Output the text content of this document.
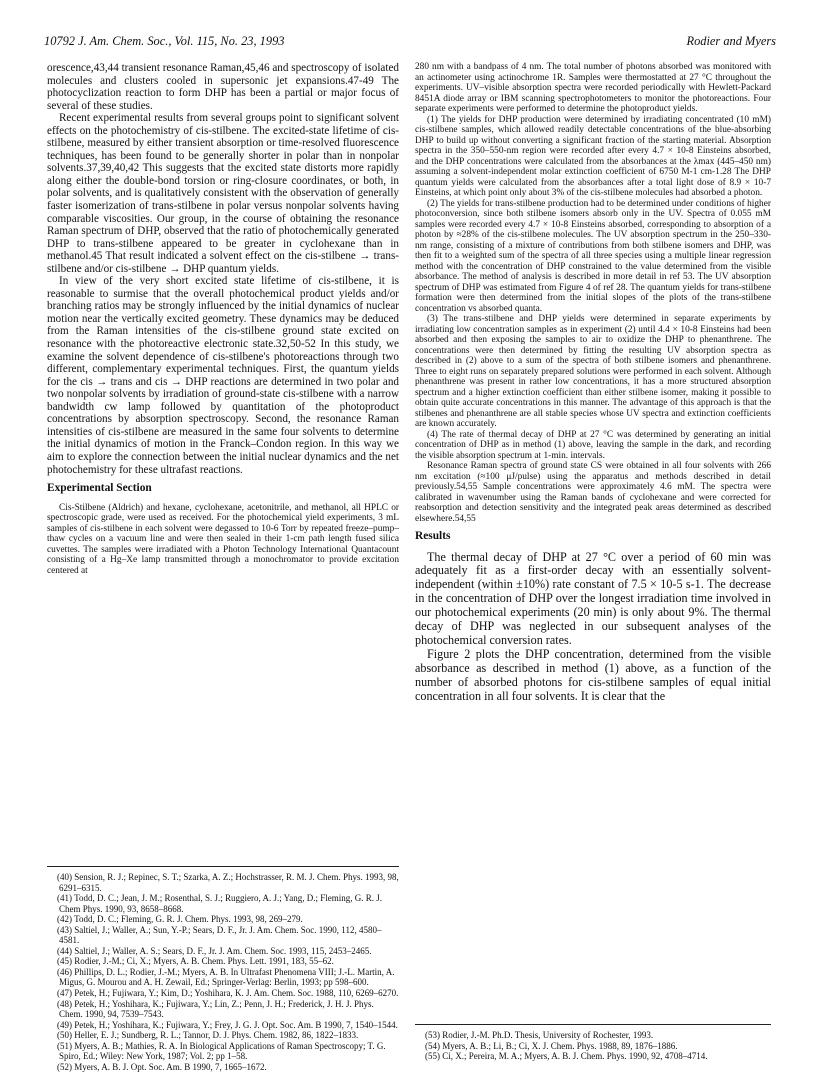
10792 J. Am. Chem. Soc., Vol. 115, No. 23, 1993	Rodier and Myers

orescence,43,44 transient resonance Raman,45,46 and spectroscopy of isolated molecules and clusters cooled in supersonic jet expansions.47-49 The photocyclization reaction to form DHP has been a partial or major focus of several of these studies.

Recent experimental results from several groups point to significant solvent effects on the photochemistry of cis-stilbene. The excited-state lifetime of cis-stilbene, measured by either transient absorption or time-resolved fluorescence techniques, has been found to be generally shorter in polar than in nonpolar solvents.37,39,40,42 This suggests that the excited state distorts more rapidly along either the double-bond torsion or ring-closure coordinates, or both, in polar solvents, and is qualitatively consistent with the observation of generally faster isomerization of trans-stilbene in polar versus nonpolar solvents having comparable viscosities. Our group, in the course of obtaining the resonance Raman spectrum of DHP, observed that the ratio of photochemically generated DHP to trans-stilbene appeared to be greater in cyclohexane than in methanol.45 That result indicated a solvent effect on the cis-stilbene → trans-stilbene and/or cis-stilbene → DHP quantum yields.

In view of the very short excited state lifetime of cis-stilbene, it is reasonable to surmise that the overall photochemical product yields and/or branching ratios may be strongly influenced by the initial dynamics of nuclear motion near the vertically excited geometry. These dynamics may be deduced from the Raman intensities of the cis-stilbene ground state excited on resonance with the photoreactive electronic state.32,50-52 In this study, we examine the solvent dependence of cis-stilbene's photoreactions through two different, complementary experimental techniques. First, the quantum yields for the cis → trans and cis → DHP reactions are determined in two polar and two nonpolar solvents by irradiation of ground-state cis-stilbene with a narrow bandwidth cw lamp followed by quantitation of the photoproduct concentrations by absorption spectroscopy. Second, the resonance Raman intensities of cis-stilbene are measured in the same four solvents to determine the initial dynamics of motion in the Franck–Condon region. In this way we aim to explore the connection between the initial nuclear dynamics and the net photochemistry for these ultrafast reactions.

Experimental Section

Cis-Stilbene (Aldrich) and hexane, cyclohexane, acetonitrile, and methanol, all HPLC or spectroscopic grade, were used as received. For the photochemical yield experiments, 3 mL samples of cis-stilbene in each solvent were degassed to 10-6 Torr by repeated freeze–pump–thaw cycles on a vacuum line and were then sealed in their 1-cm path length fused silica cuvettes. The samples were irradiated with a Photon Technology International Quantacount consisting of a Hg–Xe lamp transmitted through a monochromator to provide excitation centered at

(40) Sension, R. J.; Repinec, S. T.; Szarka, A. Z.; Hochstrasser, R. M. J. Chem. Phys. 1993, 98, 6291–6315.

(41) Todd, D. C.; Jean, J. M.; Rosenthal, S. J.; Ruggiero, A. J.; Yang, D.; Fleming, G. R. J. Chem Phys. 1990, 93, 8658–8668.

(42) Todd, D. C.; Fleming, G. R. J. Chem. Phys. 1993, 98, 269–279.

(43) Saltiel, J.; Waller, A.; Sun, Y.-P.; Sears, D. F., Jr. J. Am. Chem. Soc. 1990, 112, 4580–4581.

(44) Saltiel, J.; Waller, A. S.; Sears, D. F., Jr. J. Am. Chem. Soc. 1993, 115, 2453–2465.

(45) Rodier, J.-M.; Ci, X.; Myers, A. B. Chem. Phys. Lett. 1991, 183, 55–62.

(46) Phillips, D. L.; Rodier, J.-M.; Myers, A. B. In Ultrafast Phenomena VIII; J.-L. Martin, A. Migus, G. Mourou and A. H. Zewail, Ed.; Springer-Verlag: Berlin, 1993; pp 598–600.

(47) Petek, H.; Fujiwara, Y.; Kim, D.; Yoshihara, K. J. Am. Chem. Soc. 1988, 110, 6269–6270.

(48) Petek, H.; Yoshihara, K.; Fujiwara, Y.; Lin, Z.; Penn, J. H.; Frederick, J. H. J. Phys. Chem. 1990, 94, 7539–7543.

(49) Petek, H.; Yoshihara, K.; Fujiwara, Y.; Frey, J. G. J. Opt. Soc. Am. B 1990, 7, 1540–1544.

(50) Heller, E. J.; Sundberg, R. L.; Tannor, D. J. Phys. Chem. 1982, 86, 1822–1833.

(51) Myers, A. B.; Mathies, R. A. In Biological Applications of Raman Spectroscopy; T. G. Spiro, Ed.; Wiley: New York, 1987; Vol. 2; pp 1–58.

(52) Myers, A. B. J. Opt. Soc. Am. B 1990, 7, 1665–1672.

280 nm with a bandpass of 4 nm. The total number of photons absorbed was monitored with an actinometer using actinochrome 1R. Samples were thermostatted at 27 °C throughout the experiments. UV–visible absorption spectra were recorded periodically with Hewlett-Packard 8451A diode array or IBM scanning spectrophotometers to monitor the photoreactions. Four separate experiments were performed to determine the photoproduct yields.

(1) The yields for DHP production were determined by irradiating concentrated (10 mM) cis-stilbene samples, which allowed readily detectable concentrations of the blue-absorbing DHP to build up without converting a significant fraction of the starting material. Absorption spectra in the 350–550-nm region were recorded after every 4.7 × 10-8 Einsteins absorbed, and the DHP concentrations were calculated from the absorbances at the λmax (445–450 nm) assuming a solvent-independent molar extinction coefficient of 6750 M-1 cm-1.28 The DHP quantum yields were calculated from the absorbances after a total light dose of 8.9 × 10-7 Einsteins, at which point only about 3% of the cis-stilbene molecules had absorbed a photon.

(2) The yields for trans-stilbene production had to be determined under conditions of higher photoconversion, since both stilbene isomers absorb only in the UV. Spectra of 0.055 mM samples were recorded every 4.7 × 10-8 Einsteins absorbed, corresponding to absorption of a photon by ≈28% of the cis-stilbene molecules. The UV absorption spectrum in the 250–330-nm range, consisting of a mixture of contributions from both stilbene isomers and DHP, was then fit to a weighted sum of the spectra of all three species using a multiple linear regression method with the concentration of DHP constrained to the value determined from the visible absorbance. The method of analysis is described in more detail in ref 53. The UV absorption spectrum of DHP was estimated from Figure 4 of ref 28. The quantum yields for trans-stilbene formation were then determined from the initial slopes of the plots of the trans-stilbene concentration vs absorbed quanta.

(3) The trans-stilbene and DHP yields were determined in separate experiments by irradiating low concentration samples as in experiment (2) until 4.4 × 10-8 Einsteins had been absorbed and then exposing the samples to air to oxidize the DHP to phenanthrene. The concentrations were then determined by fitting the resulting UV absorption spectra as described in (2) above to a sum of the spectra of both stilbene isomers and phenanthrene. Three to eight runs on separately prepared solutions were performed in each solvent. Although phenanthrene was present in rather low concentrations, it has a more structured absorption spectrum and a higher extinction coefficient than either stilbene isomer, making it possible to obtain quite accurate concentrations in this manner. The advantage of this approach is that the stilbenes and phenanthrene are all stable species whose UV spectra and extinction coefficients are known accurately.

(4) The rate of thermal decay of DHP at 27 °C was determined by generating an initial concentration of DHP as in method (1) above, leaving the sample in the dark, and recording the visible absorption spectrum at 1-min. intervals.

Resonance Raman spectra of ground state CS were obtained in all four solvents with 266 nm excitation (≈100 μJ/pulse) using the apparatus and methods described in detail previously.54,55 Sample concentrations were approximately 4.6 mM. The spectra were calibrated in wavenumber using the Raman bands of cyclohexane and were corrected for reabsorption and detection sensitivity and the integrated peak areas determined as described elsewhere.54,55

Results

The thermal decay of DHP at 27 °C over a period of 60 min was adequately fit as a first-order decay with an essentially solvent-independent (within ±10%) rate constant of 7.5 × 10-5 s-1. The decrease in the concentration of DHP over the longest irradiation time involved in our photochemical experiments (20 min) is only about 9%. The thermal decay of DHP was neglected in our subsequent analyses of the photochemical conversion rates.

Figure 2 plots the DHP concentration, determined from the visible absorbance as described in method (1) above, as a function of the number of absorbed photons for cis-stilbene samples of equal initial concentration in all four solvents. It is clear that the

(53) Rodier, J.-M. Ph.D. Thesis, University of Rochester, 1993.

(54) Myers, A. B.; Li, B.; Ci, X. J. Chem. Phys. 1988, 89, 1876–1886.

(55) Ci, X.; Pereira, M. A.; Myers, A. B. J. Chem. Phys. 1990, 92, 4708–4714.
